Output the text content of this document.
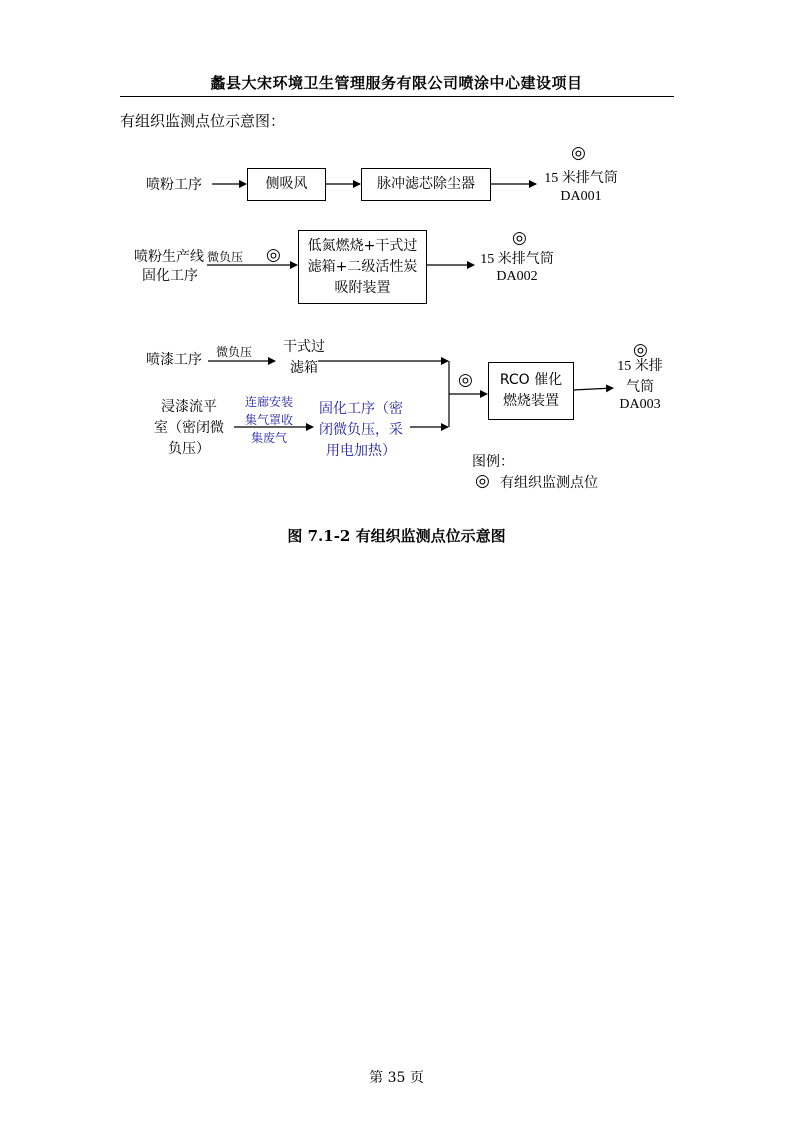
蠡县大宋环境卫生管理服务有限公司喷涂中心建设项目
有组织监测点位示意图：
喷粉工序	侧吸风	脉冲滤芯除尘器
◎
15 米排气筒
DA001
喷粉生产线 微负压
固化工序
◎ 低氮燃烧+干式过
滤箱+二级活性炭
吸附装置
◎
15 米排气筒
DA002
喷漆工序 微负压	干式过
滤箱
浸漆流平
室（密闭微
负压）
连廊安装
集气罩收
集废气
固化工序（密
闭微负压，采
用电加热）
◎ RCO 催化
燃烧装置
◎
15 米排
气筒
DA003
图例：
◎ 有组织监测点位
图 7.1-2 有组织监测点位示意图
第 35 页
